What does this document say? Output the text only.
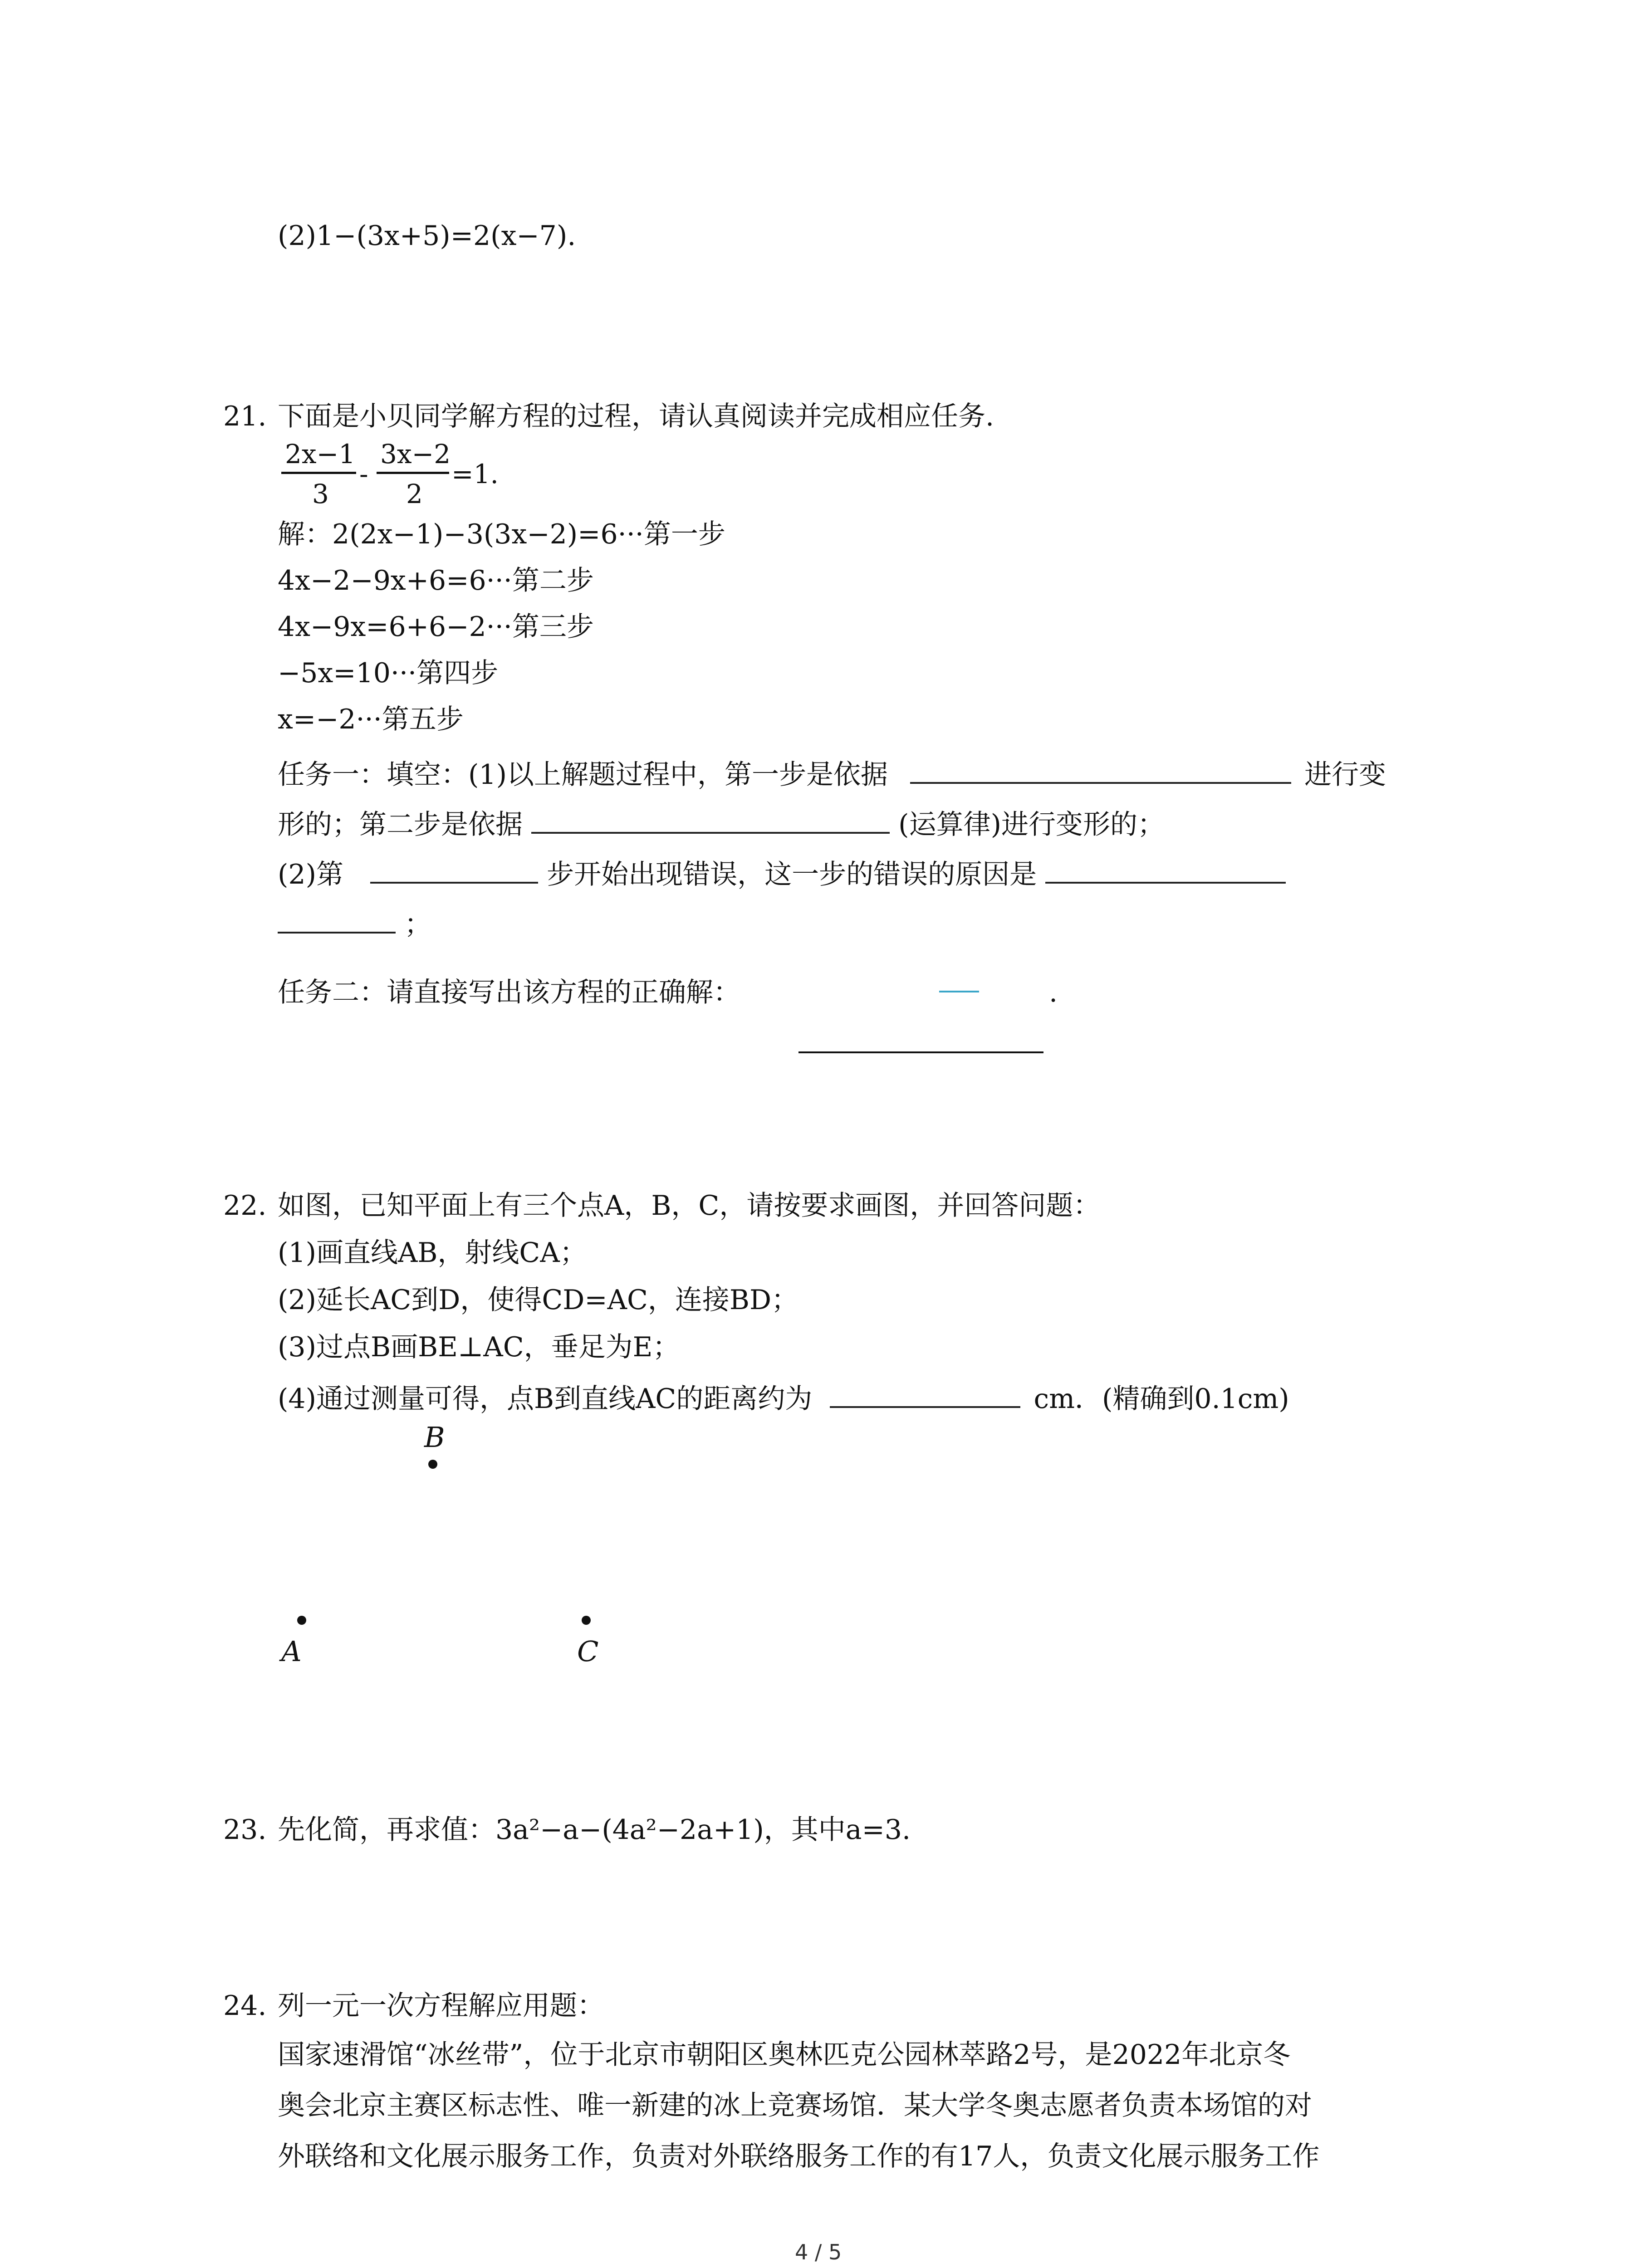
(2)1−(3x+5)=2(x−7).
21. 下面是小贝同学解方程的过程，请认真阅读并完成相应任务.
2x−1
3
-
3x−2
2
=1.
解：2(2x−1)−3(3x−2)=6···第一步
4x−2−9x+6=6···第二步
4x−9x=6+6−2···第三步
−5x=10···第四步
x=−2···第五步
任务一：填空：(1)以上解题过程中，第一步是依据	进行变
形的；第二步是依据	(运算律)进行变形的；
(2)第	步开始出现错误，这一步的错误的原因是
；
任务二：请直接写出该方程的正确解：	.
22. 如图，已知平面上有三个点A，B，C，请按要求画图，并回答问题：
(1)画直线AB，射线CA；
(2)延长AC到D，使得CD=AC，连接BD；
(3)过点B画BE⊥AC，垂足为E；
(4)通过测量可得，点B到直线AC的距离约为	cm．(精确到0.1cm)
B
A	C
23. 先化简，再求值：3a²−a−(4a²−2a+1)，其中a=3.
24. 列一元一次方程解应用题：
国家速滑馆“冰丝带”，位于北京市朝阳区奥林匹克公园林萃路2号，是2022年北京冬
奥会北京主赛区标志性、唯一新建的冰上竞赛场馆．某大学冬奥志愿者负责本场馆的对
外联络和文化展示服务工作，负责对外联络服务工作的有17人，负责文化展示服务工作
4 / 5
